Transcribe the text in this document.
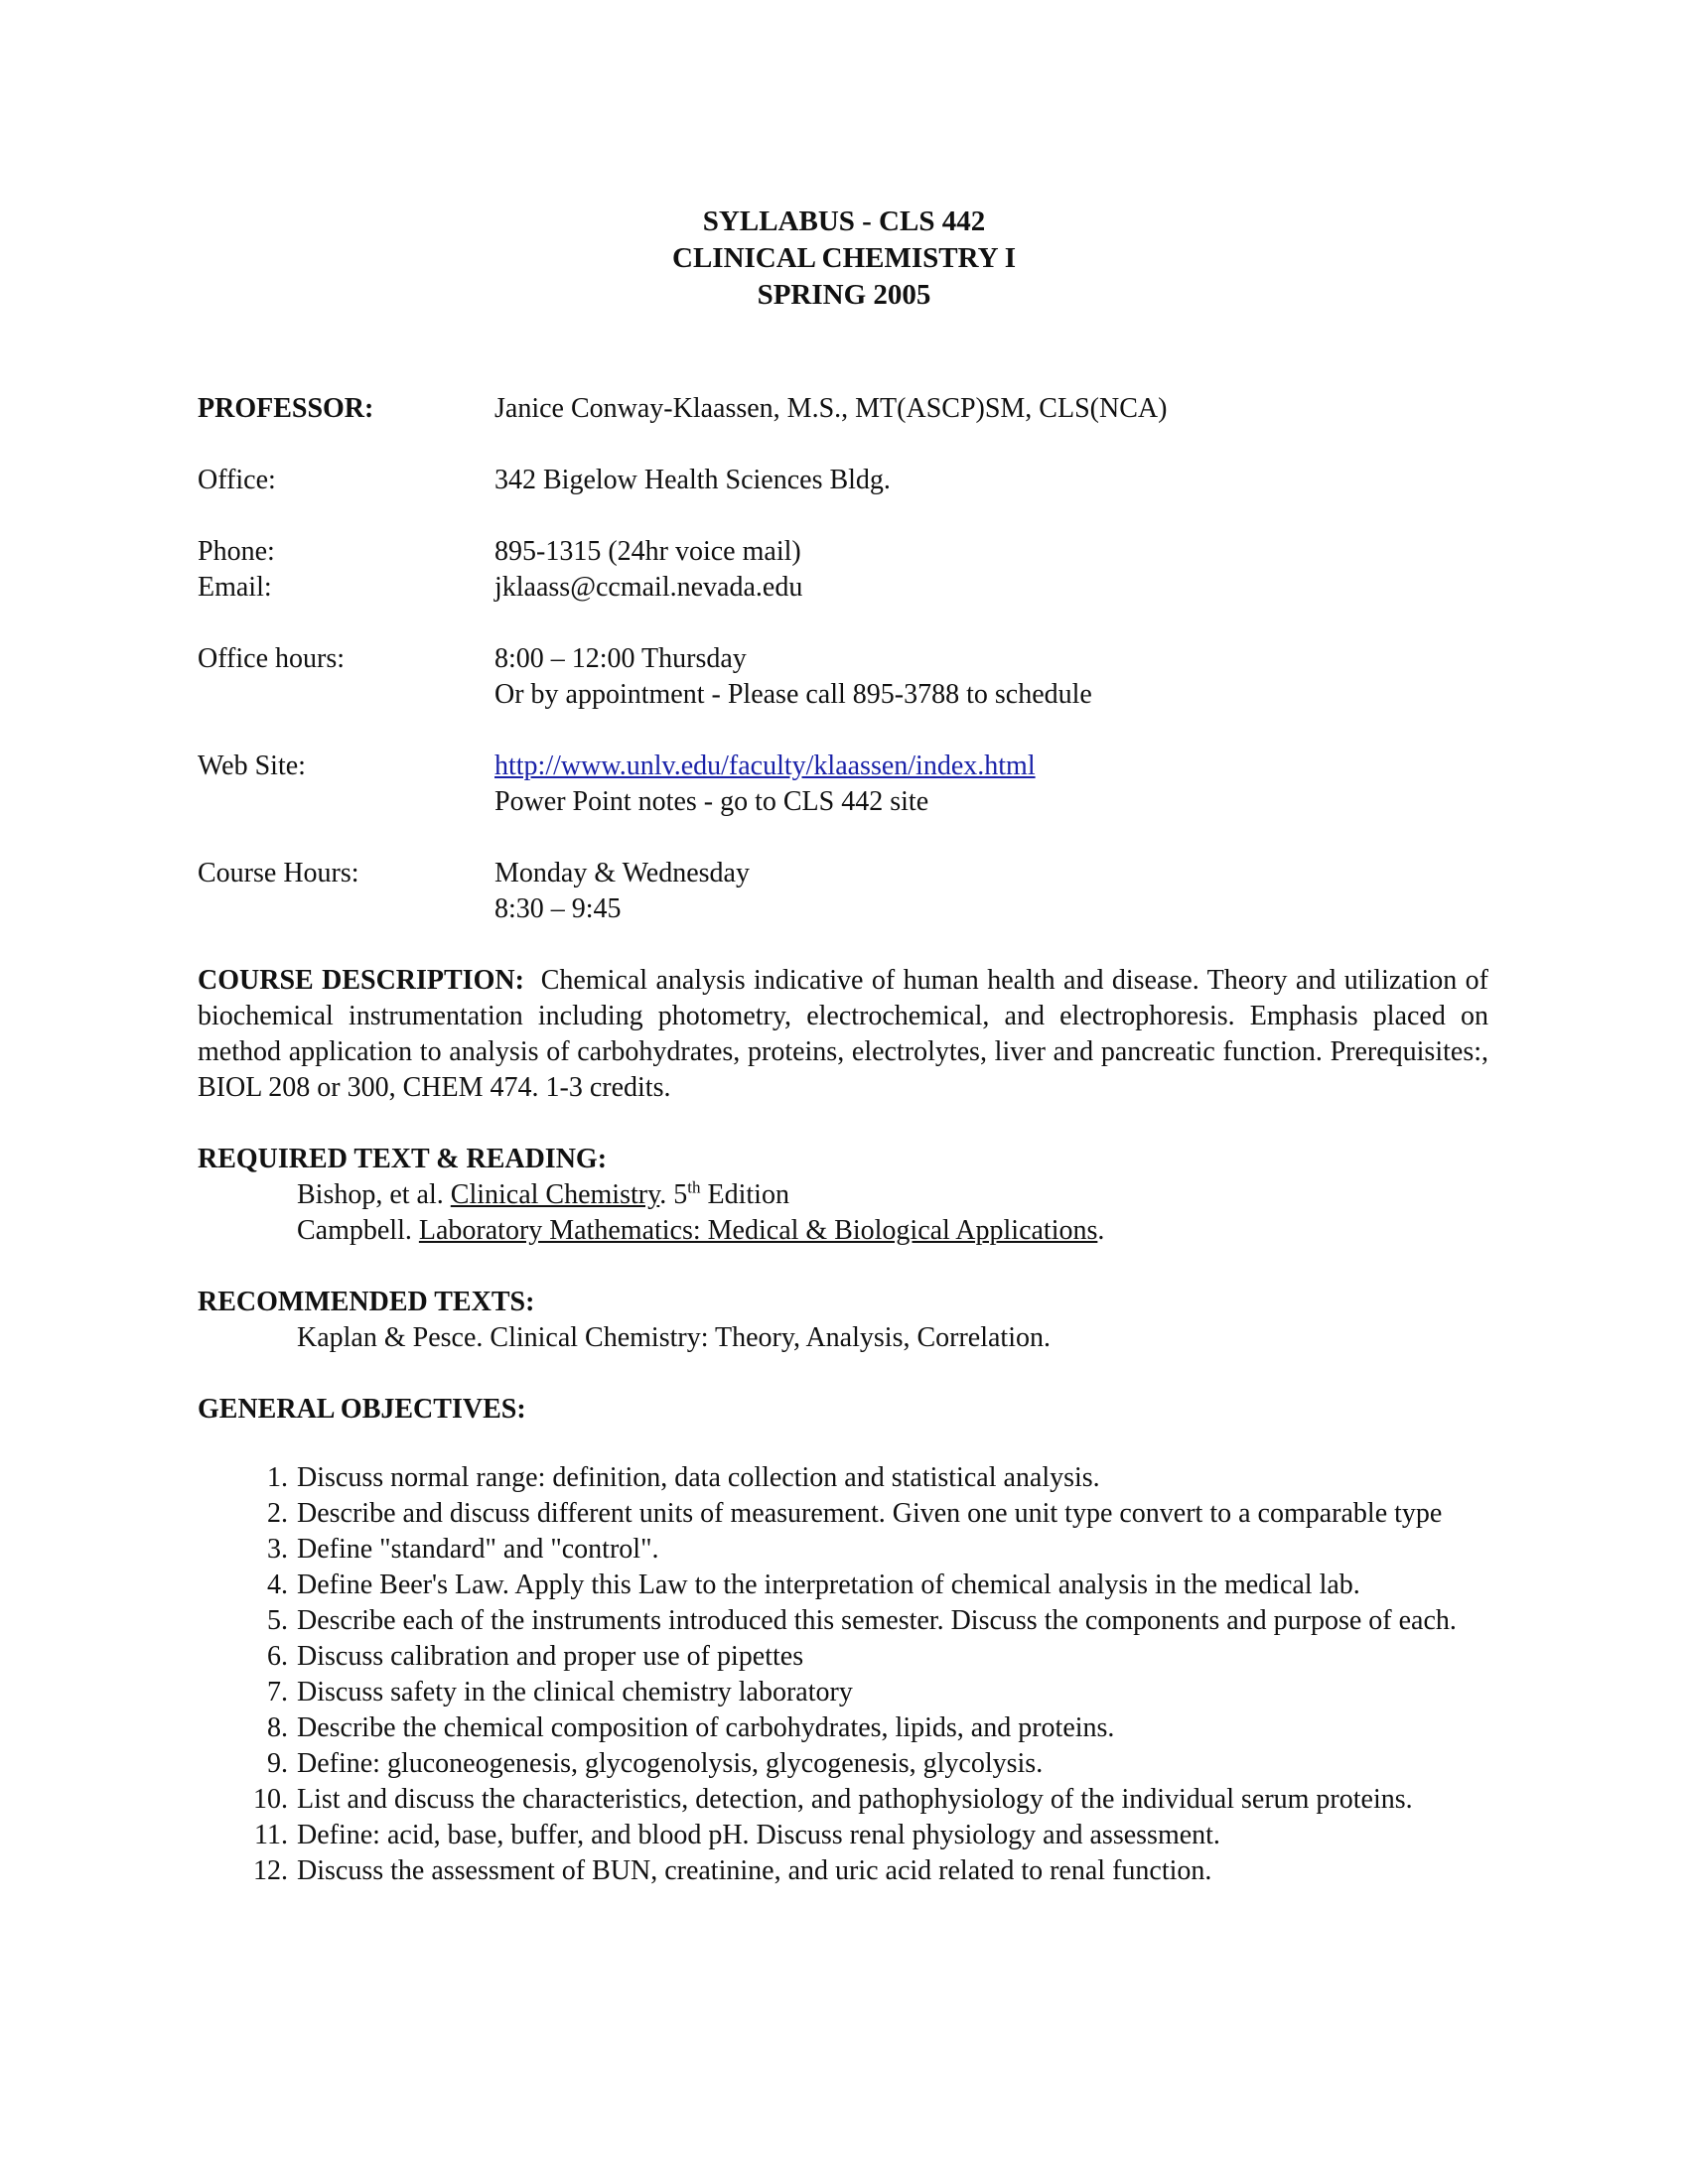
SYLLABUS - CLS 442
CLINICAL CHEMISTRY I
SPRING 2005
PROFESSOR:	Janice Conway-Klaassen, M.S., MT(ASCP)SM, CLS(NCA)
Office:	342 Bigelow Health Sciences Bldg.
Phone:	895-1315 (24hr voice mail)
Email:	jklaass@ccmail.nevada.edu
Office hours:	8:00 – 12:00 Thursday
Or by appointment - Please call 895-3788 to schedule
Web Site:	http://www.unlv.edu/faculty/klaassen/index.html
Power Point notes - go to CLS 442 site
Course Hours:	Monday & Wednesday
8:30 – 9:45
COURSE DESCRIPTION: Chemical analysis indicative of human health and disease. Theory and utilization of biochemical instrumentation including photometry, electrochemical, and electrophoresis. Emphasis placed on method application to analysis of carbohydrates, proteins, electrolytes, liver and pancreatic function. Prerequisites:, BIOL 208 or 300, CHEM 474. 1-3 credits.
REQUIRED TEXT & READING:
Bishop, et al. Clinical Chemistry. 5th Edition
Campbell. Laboratory Mathematics: Medical & Biological Applications.
RECOMMENDED TEXTS:
Kaplan & Pesce. Clinical Chemistry: Theory, Analysis, Correlation.
GENERAL OBJECTIVES:
1. Discuss normal range: definition, data collection and statistical analysis.
2. Describe and discuss different units of measurement. Given one unit type convert to a comparable type
3. Define "standard" and "control".
4. Define Beer's Law. Apply this Law to the interpretation of chemical analysis in the medical lab.
5. Describe each of the instruments introduced this semester. Discuss the components and purpose of each.
6. Discuss calibration and proper use of pipettes
7. Discuss safety in the clinical chemistry laboratory
8. Describe the chemical composition of carbohydrates, lipids, and proteins.
9. Define: gluconeogenesis, glycogenolysis, glycogenesis, glycolysis.
10. List and discuss the characteristics, detection, and pathophysiology of the individual serum proteins.
11. Define: acid, base, buffer, and blood pH. Discuss renal physiology and assessment.
12. Discuss the assessment of BUN, creatinine, and uric acid related to renal function.
